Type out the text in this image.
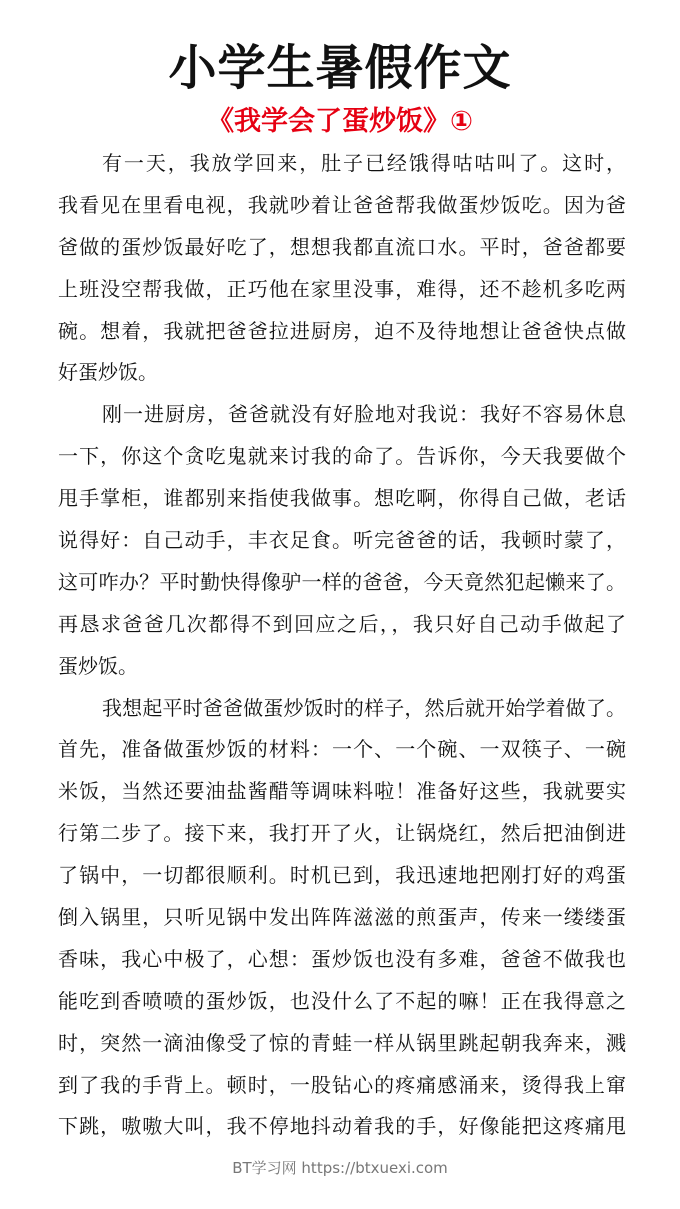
小学生暑假作文
《我学会了蛋炒饭》①
有一天，我放学回来，肚子已经饿得咕咕叫了。这时，
我看见在里看电视，我就吵着让爸爸帮我做蛋炒饭吃。因为爸
爸做的蛋炒饭最好吃了，想想我都直流口水。平时，爸爸都要
上班没空帮我做，正巧他在家里没事，难得，还不趁机多吃两
碗。想着，我就把爸爸拉进厨房，迫不及待地想让爸爸快点做
好蛋炒饭。
刚一进厨房，爸爸就没有好脸地对我说：我好不容易休息
一下，你这个贪吃鬼就来讨我的命了。告诉你，今天我要做个
甩手掌柜，谁都别来指使我做事。想吃啊，你得自己做，老话
说得好：自己动手，丰衣足食。听完爸爸的话，我顿时蒙了，
这可咋办？平时勤快得像驴一样的爸爸，今天竟然犯起懒来了。
再恳求爸爸几次都得不到回应之后，，我只好自己动手做起了
蛋炒饭。
我想起平时爸爸做蛋炒饭时的样子，然后就开始学着做了。
首先，准备做蛋炒饭的材料：一个、一个碗、一双筷子、一碗
米饭，当然还要油盐酱醋等调味料啦！准备好这些，我就要实
行第二步了。接下来，我打开了火，让锅烧红，然后把油倒进
了锅中，一切都很顺利。时机已到，我迅速地把刚打好的鸡蛋
倒入锅里，只听见锅中发出阵阵滋滋的煎蛋声，传来一缕缕蛋
香味，我心中极了，心想：蛋炒饭也没有多难，爸爸不做我也
能吃到香喷喷的蛋炒饭，也没什么了不起的嘛！正在我得意之
时，突然一滴油像受了惊的青蛙一样从锅里跳起朝我奔来，溅
到了我的手背上。顿时，一股钻心的疼痛感涌来，烫得我上窜
下跳，嗷嗷大叫，我不停地抖动着我的手，好像能把这疼痛甩
BT学习网 https://btxuexi.com
